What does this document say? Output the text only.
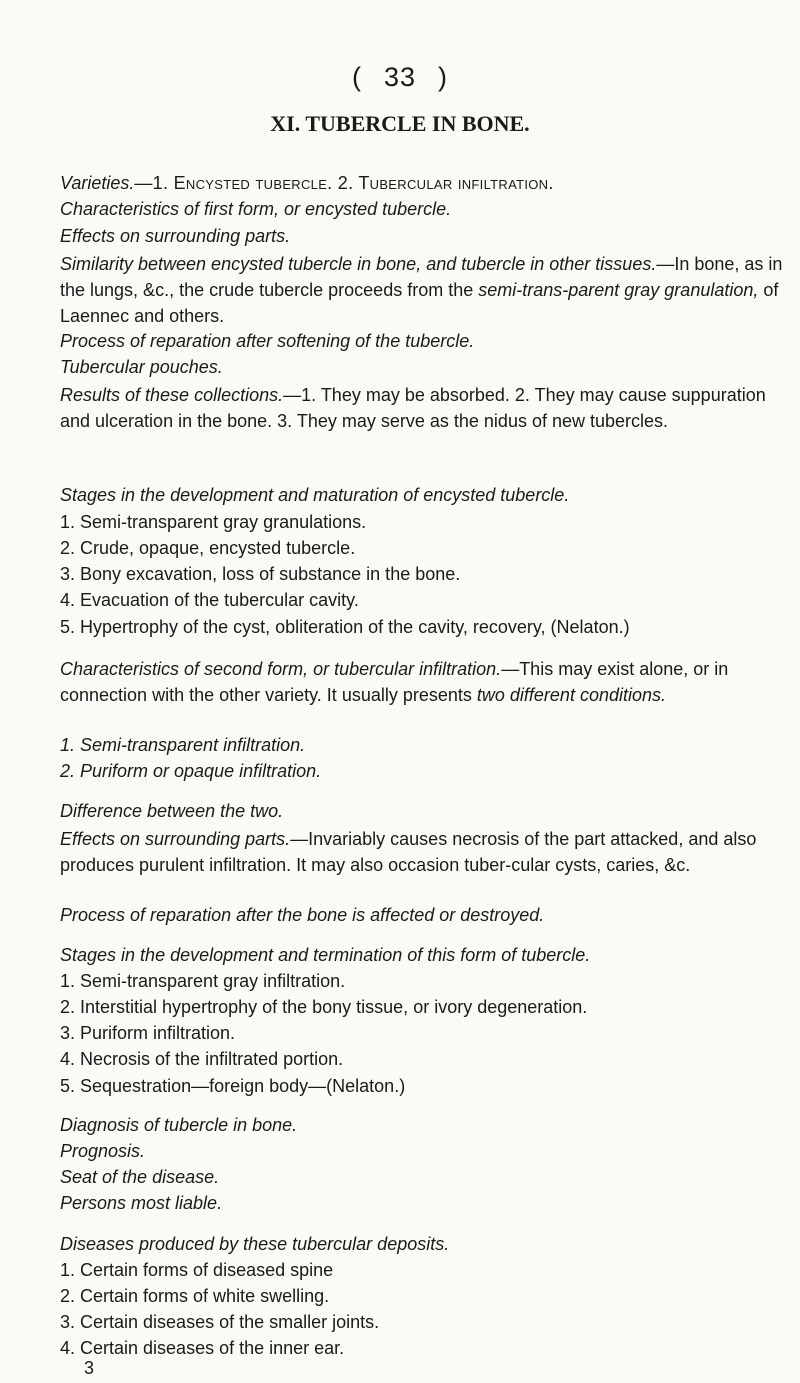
( 33 )
XI. TUBERCLE IN BONE.
Varieties.—1. Encysted tubercle. 2. Tubercular infiltration.
Characteristics of first form, or encysted tubercle.
Effects on surrounding parts.
Similarity between encysted tubercle in bone, and tubercle in other tissues.—In bone, as in the lungs, &c., the crude tubercle proceeds from the semi-trans-parent gray granulation, of Laennec and others.
Process of reparation after softening of the tubercle.
Tubercular pouches.
Results of these collections.—1. They may be absorbed. 2. They may cause suppuration and ulceration in the bone. 3. They may serve as the nidus of new tubercles.
Stages in the development and maturation of encysted tubercle.
1. Semi-transparent gray granulations.
2. Crude, opaque, encysted tubercle.
3. Bony excavation, loss of substance in the bone.
4. Evacuation of the tubercular cavity.
5. Hypertrophy of the cyst, obliteration of the cavity, recovery, (Nelaton.)
Characteristics of second form, or tubercular infiltration.—This may exist alone, or in connection with the other variety. It usually presents two different conditions.
1. Semi-transparent infiltration.
2. Puriform or opaque infiltration.
Difference between the two.
Effects on surrounding parts.—Invariably causes necrosis of the part attacked, and also produces purulent infiltration. It may also occasion tuber-cular cysts, caries, &c.
Process of reparation after the bone is affected or destroyed.
Stages in the development and termination of this form of tubercle.
1. Semi-transparent gray infiltration.
2. Interstitial hypertrophy of the bony tissue, or ivory degeneration.
3. Puriform infiltration.
4. Necrosis of the infiltrated portion.
5. Sequestration—foreign body—(Nelaton.)
Diagnosis of tubercle in bone.
Prognosis.
Seat of the disease.
Persons most liable.
Diseases produced by these tubercular deposits.
1. Certain forms of diseased spine
2. Certain forms of white swelling.
3. Certain diseases of the smaller joints.
4. Certain diseases of the inner ear.
3
